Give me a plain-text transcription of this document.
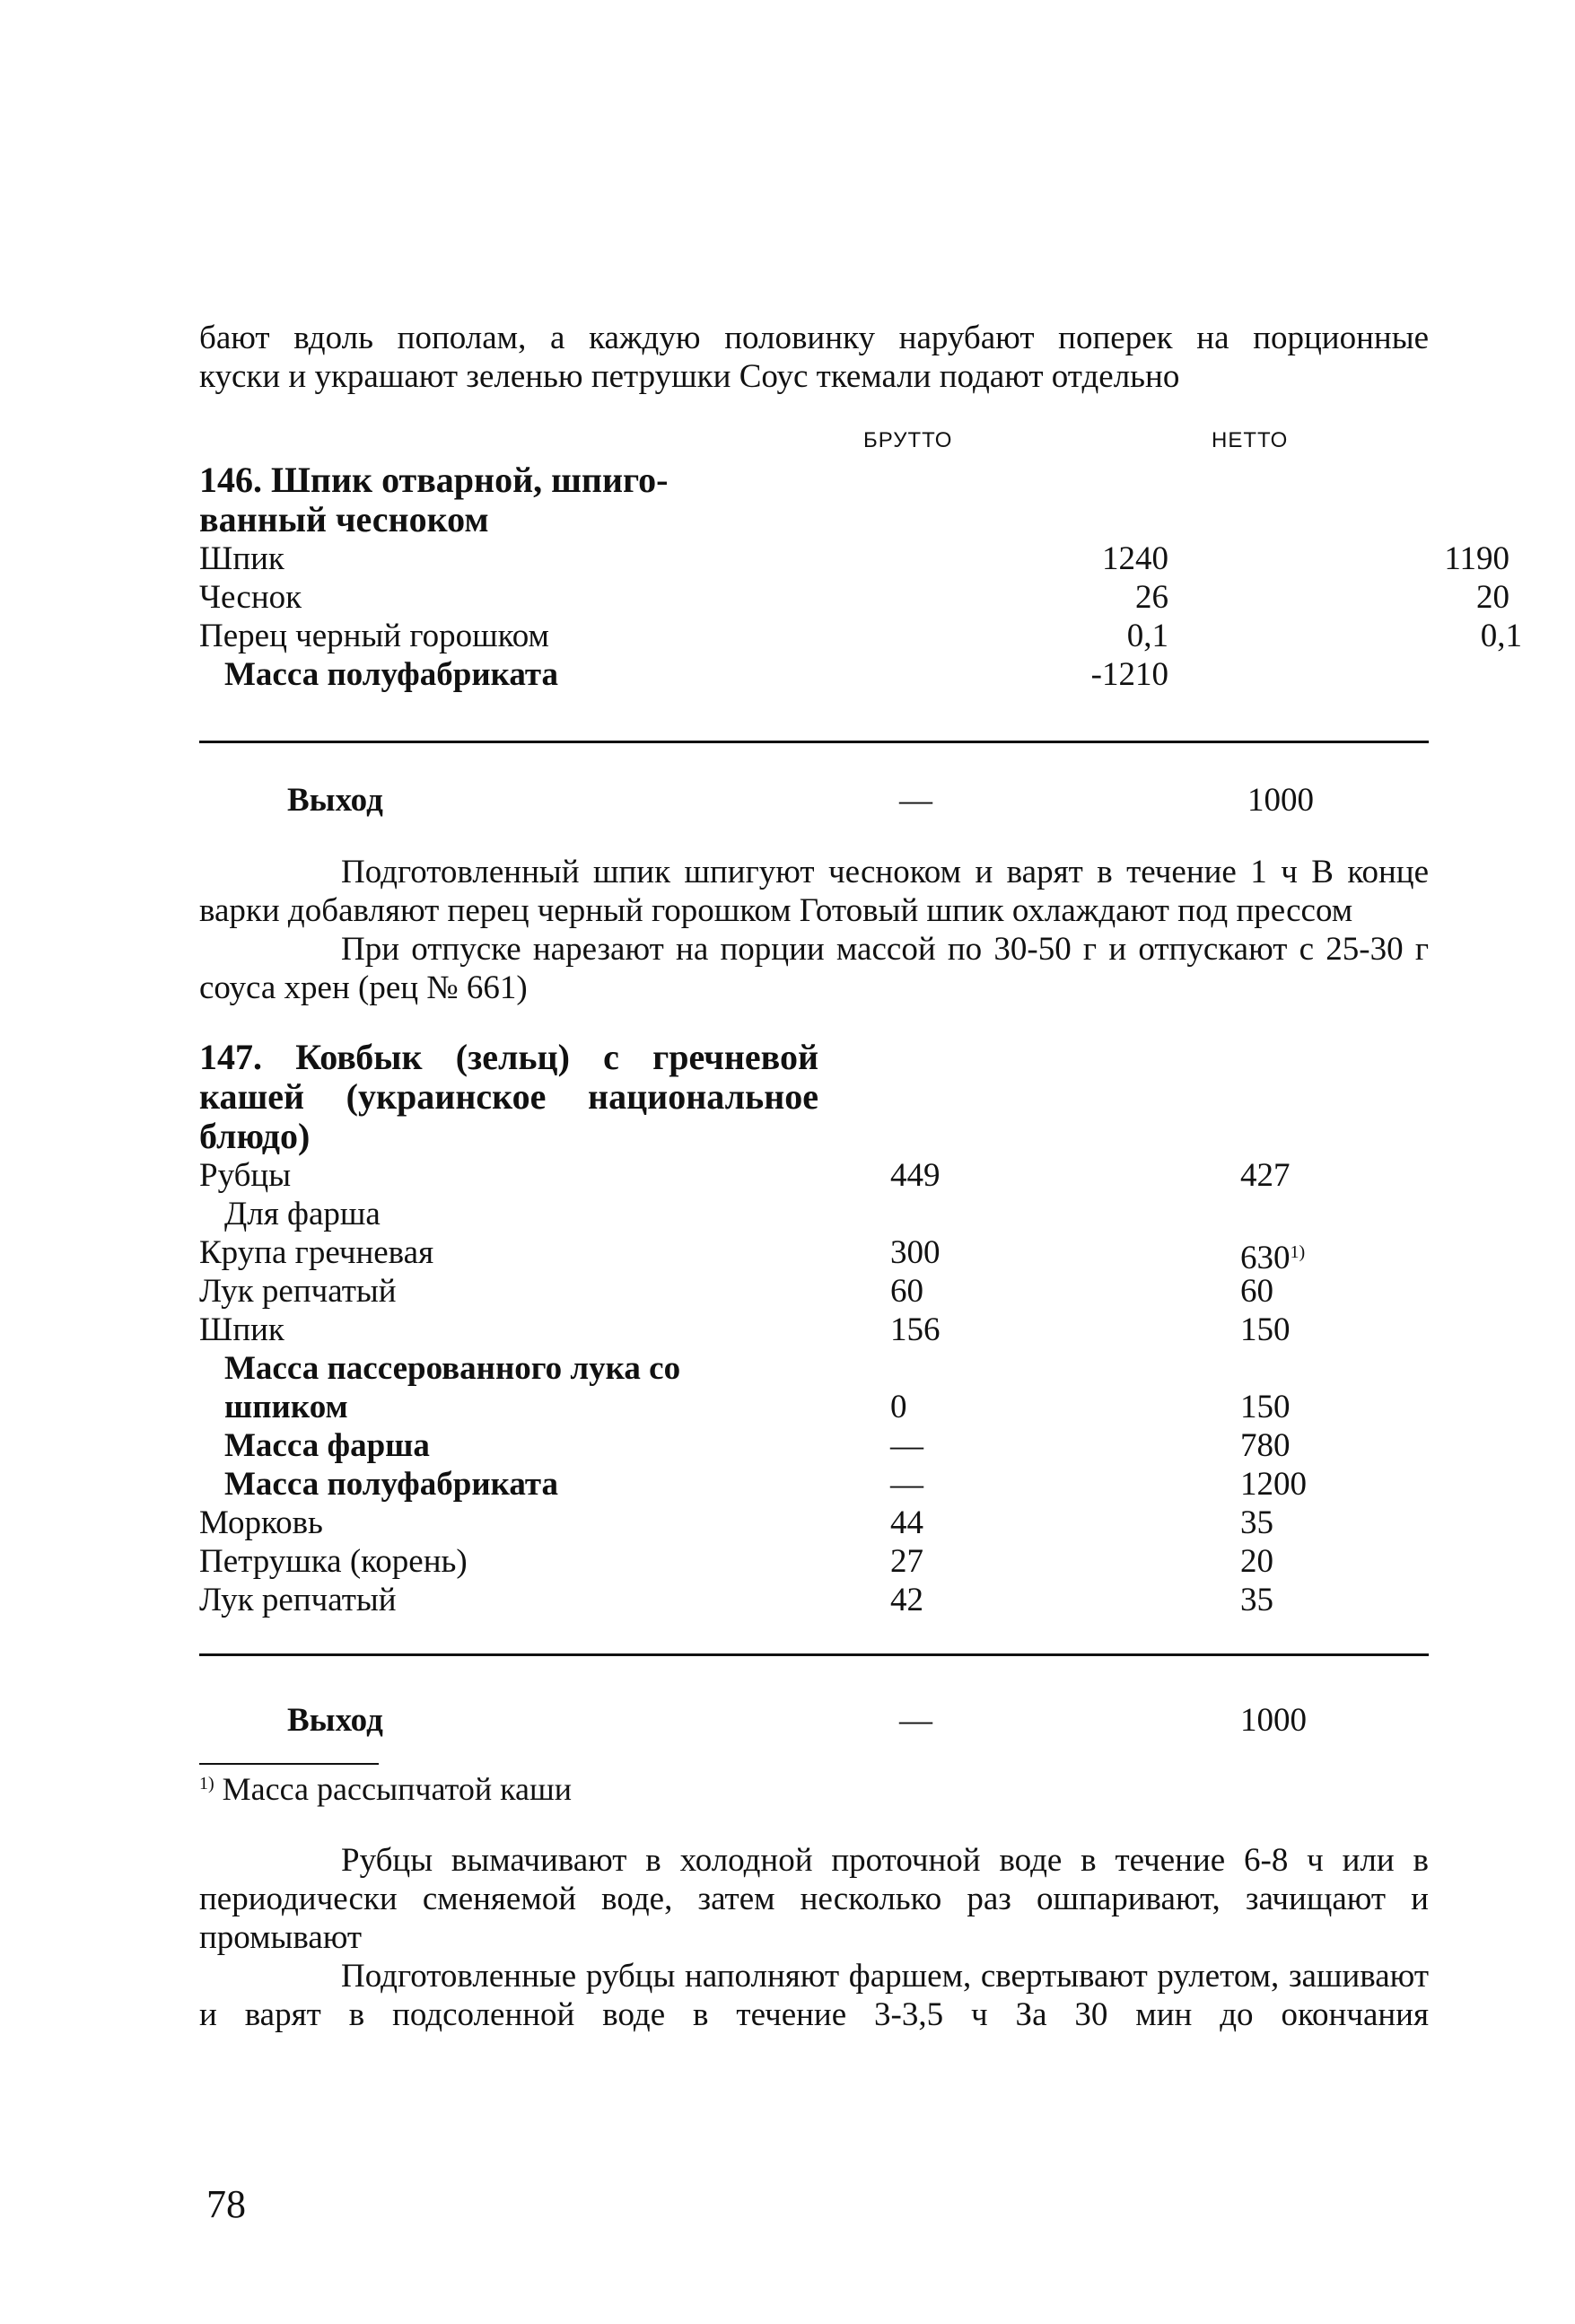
бают вдоль пополам, а каждую половинку нарубают поперек на порционные

куски и украшают зеленью петрушки Соус ткемали подают отдельно

БРУТТО	НЕТТО

146. Шпик отварной, шпиго-

ванный чесноком

Шпик	1240	1190
Чеснок	26	20
Перец черный горошком	0,1	0,1
Масса полуфабриката	-1210
Выход	—	1000

Подготовленный шпик шпигуют чесноком и варят в течение 1 ч В конце варки добавляют перец черный горошком Готовый шпик охлаждают под прессом

При отпуске нарезают на порции массой по 30-50 г и отпускают с 25-30 г соуса хрен (рец № 661)

147. Ковбык (зельц) с гречневой

кашей (украинское национальное

блюдо)

Рубцы	449	427
Для фарша
Крупа гречневая	300	630$^{1)}$
Лук репчатый	60	60
Шпик	156	150
Масса пассерованного лука со
шпиком	0	150
Масса фарша	—	780
Масса полуфабриката	—	1200
Морковь	44	35
Петрушка (корень)	27	20
Лук репчатый	42	35
Выход	—	1000

$^{1)}$ Масса рассыпчатой каши

Рубцы вымачивают в холодной проточной воде в течение 6-8 ч или в периодически сменяемой воде, затем несколько раз ошпаривают, зачищают и промывают

Подготовленные рубцы наполняют фаршем, свертывают рулетом, зашивают и варят в подсоленной воде в течение 3-3,5 ч За 30 мин до окончания

78
